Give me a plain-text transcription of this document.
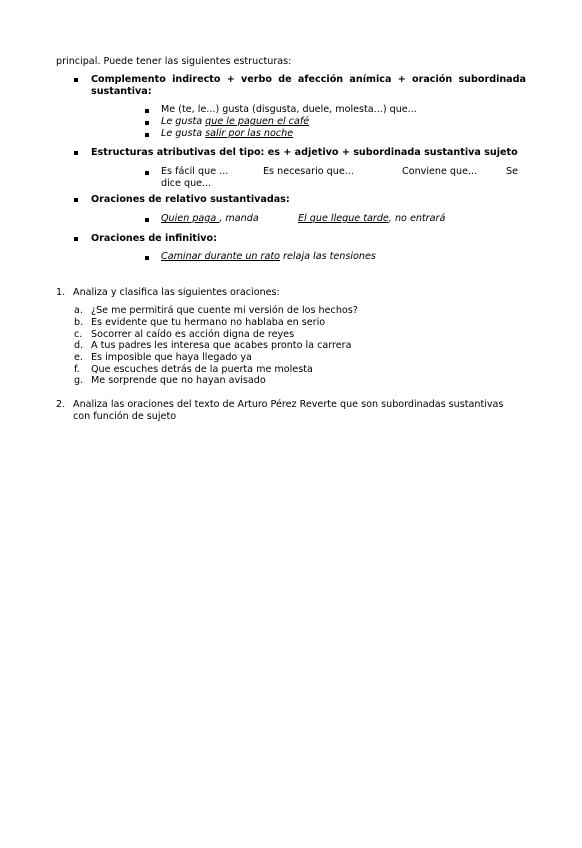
principal. Puede tener las siguientes estructuras:
Complemento indirecto + verbo de afección anímica + oración subordinada
sustantiva:
Me (te, le...) gusta (disgusta, duele, molesta...) que...
Le gusta que le paguen el café
Le gusta salir por las noche
Estructuras atributivas del tipo: es + adjetivo + subordinada sustantiva sujeto
Es fácil que ...	Es necesario que...	Conviene que...	Se
dice que...
Oraciones de relativo sustantivadas:
Quien paga , manda	El que llegue tarde, no entrará
Oraciones de infinitivo:
Caminar durante un rato relaja las tensiones
1. Analiza y clasifica las siguientes oraciones:
a. ¿Se me permitirá que cuente mi versión de los hechos?
b. Es evidente que tu hermano no hablaba en serio
c. Socorrer al caído es acción digna de reyes
d. A tus padres les interesa que acabes pronto la carrera
e. Es imposible que haya llegado ya
f. Que escuches detrás de la puerta me molesta
g. Me sorprende que no hayan avisado
2. Analiza las oraciones del texto de Arturo Pérez Reverte que son subordinadas sustantivas
con función de sujeto
